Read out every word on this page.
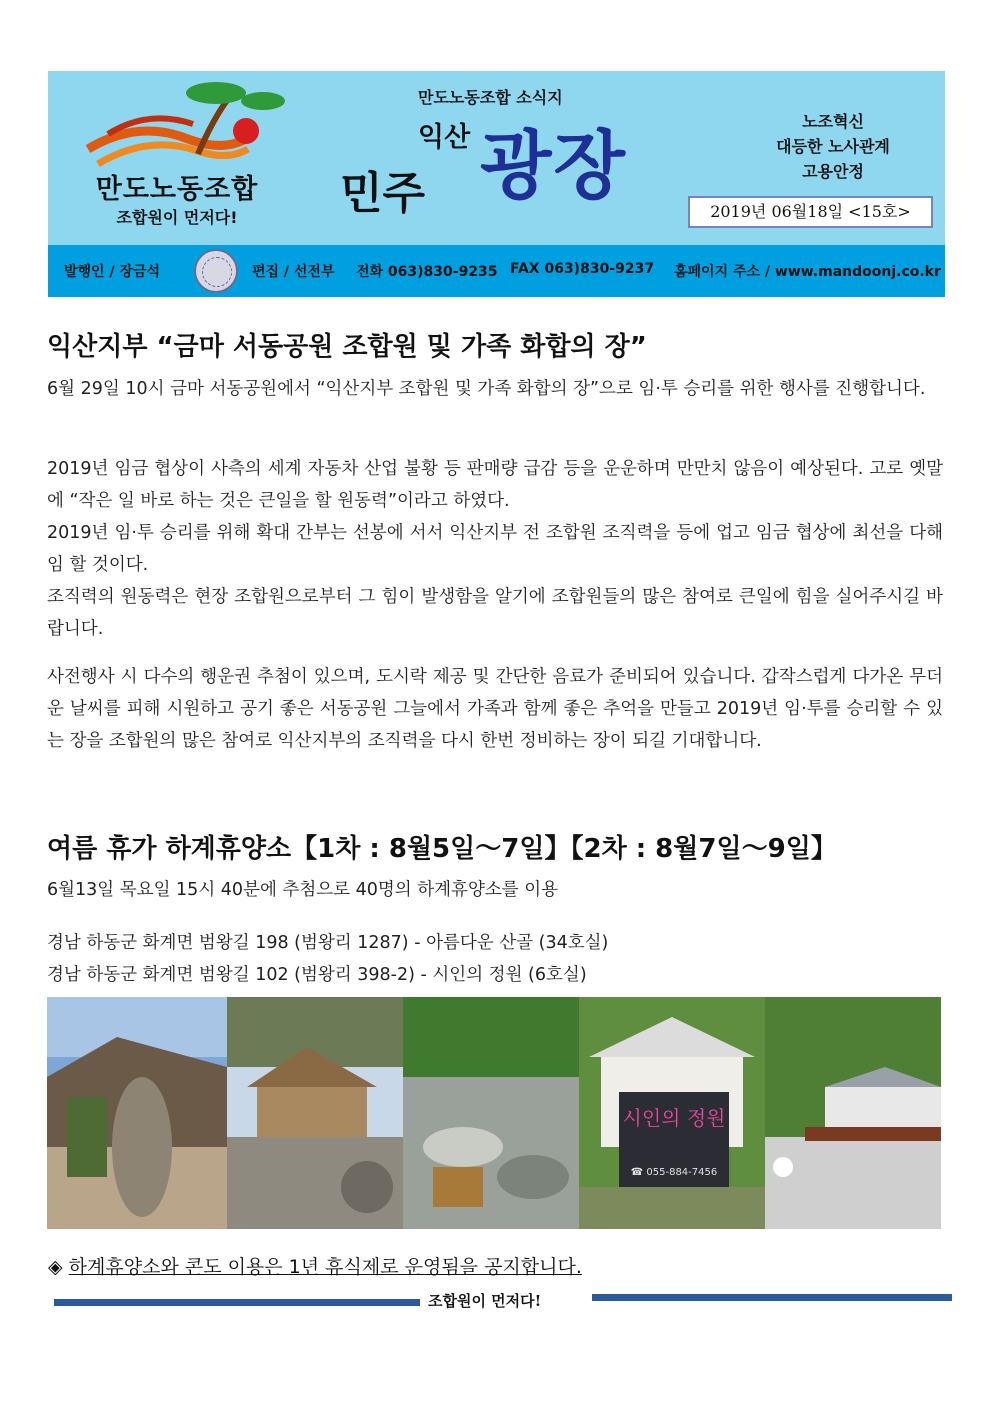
만도노동조합
조합원이 먼저다!
만도노동조합 소식지
익산
민주 광장
노조혁신
대등한 노사관계
고용안정
2019년 06월18일 <15호>
발행인 / 장금석	편집 / 선전부 전화 063)830-9235 FAX 063)830-9237 홈페이지 주소 / www.mandoonj.co.kr
익산지부 “금마 서동공원 조합원 및 가족 화합의 장”

6월 29일 10시 금마 서동공원에서 “익산지부 조합원 및 가족 화합의 장”으로 임·투 승리를 위한 행사를 진행합니다.

2019년 임금 협상이 사측의 세계 자동차 산업 불황 등 판매량 급감 등을 운운하며 만만치 않음이 예상된다. 고로 옛말에 “작은 일 바로 하는 것은 큰일을 할 원동력”이라고 하였다.

2019년 임·투 승리를 위해 확대 간부는 선봉에 서서 익산지부 전 조합원 조직력을 등에 업고 임금 협상에 최선을 다해 임 할 것이다.

조직력의 원동력은 현장 조합원으로부터 그 힘이 발생함을 알기에 조합원들의 많은 참여로 큰일에 힘을 실어주시길 바랍니다.

사전행사 시 다수의 행운권 추첨이 있으며, 도시락 제공 및 간단한 음료가 준비되어 있습니다. 갑작스럽게 다가온 무더운 날씨를 피해 시원하고 공기 좋은 서동공원 그늘에서 가족과 함께 좋은 추억을 만들고 2019년 임·투를 승리할 수 있는 장을 조합원의 많은 참여로 익산지부의 조직력을 다시 한번 정비하는 장이 되길 기대합니다.

여름 휴가 하계휴양소【1차 : 8월5일～7일】【2차 : 8월7일～9일】

6월13일 목요일 15시 40분에 추첨으로 40명의 하계휴양소를 이용

경남 하동군 화계면 범왕길 198 (범왕리 1287) - 아름다운 산골 (34호실)

경남 하동군 화계면 범왕길 102 (범왕리 398-2) - 시인의 정원 (6호실)

시인의 정원
☎ 055-884-7456
◈ 하계휴양소와 콘도 이용은 1년 휴식제로 운영됨을 공지합니다.
조합원이 먼저다!
